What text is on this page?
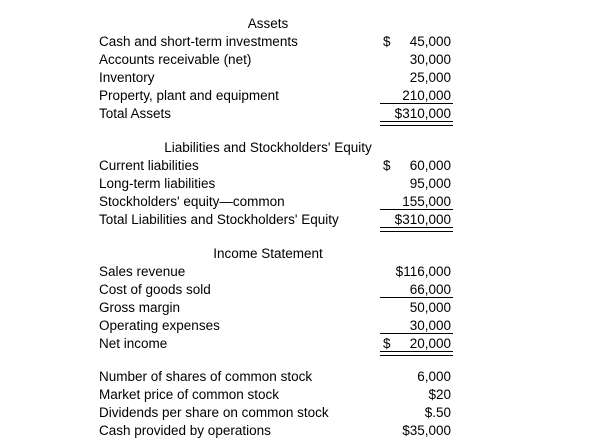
Assets
Cash and short-term investments	$ 45,000
Accounts receivable (net)	30,000
Inventory	25,000
Property, plant and equipment	210,000
Total Assets	$ 310,000
Liabilities and Stockholders' Equity
Current liabilities	$ 60,000
Long-term liabilities	95,000
Stockholders' equity—common	155,000
Total Liabilities and Stockholders' Equity	$ 310,000
Income Statement
Sales revenue	$ 116,000
Cost of goods sold	66,000
Gross margin	50,000
Operating expenses	30,000
Net income	$ 20,000
Number of shares of common stock	6,000
Market price of common stock	$ 20
Dividends per share on common stock	$ .50
Cash provided by operations	$ 35,000
